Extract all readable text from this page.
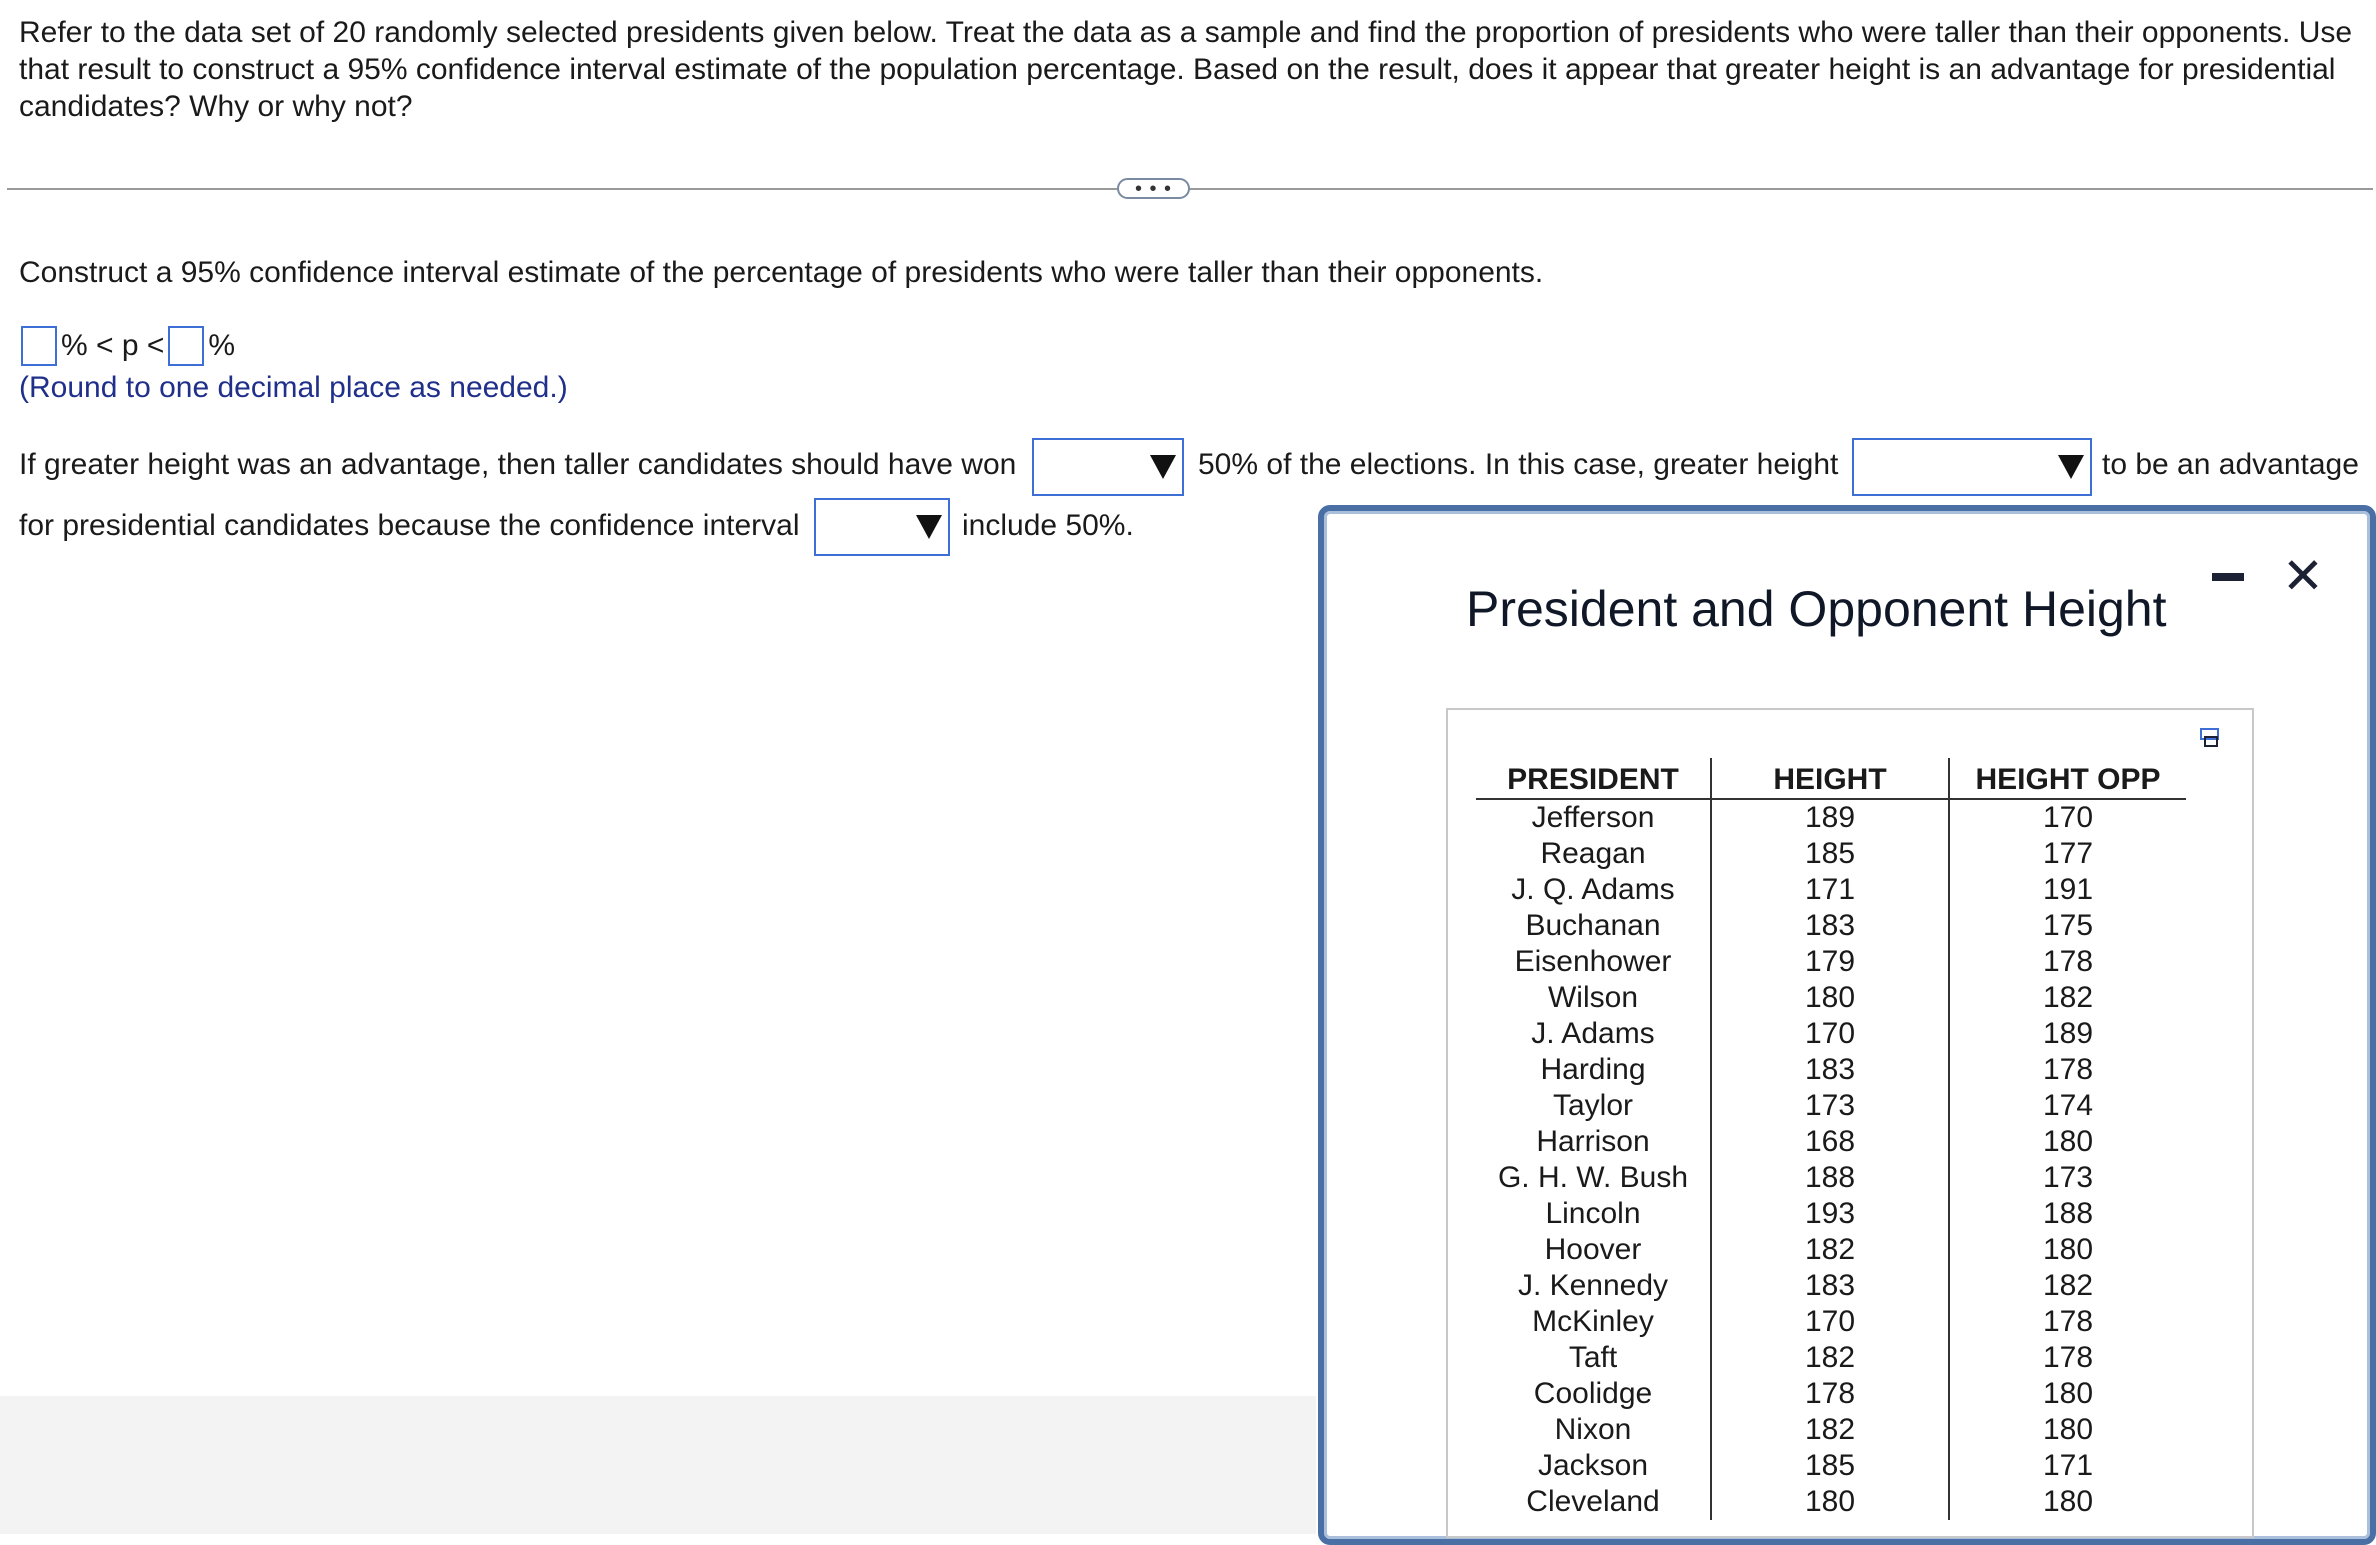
Refer to the data set of 20 randomly selected presidents given below. Treat the data as a sample and find the proportion of presidents who were taller than their opponents. Use that result to construct a 95% confidence interval estimate of the population percentage. Based on the result, does it appear that greater height is an advantage for presidential candidates? Why or why not?
• • •
Construct a 95% confidence interval estimate of the percentage of presidents who were taller than their opponents.
% < p < %
(Round to one decimal place as needed.)
If greater height was an advantage, then taller candidates should have won	50% of the elections. In this case, greater height	to be an advantage
for presidential candidates because the confidence interval	include 50%.
President and Opponent Height
✕
PRESIDENT	HEIGHT	HEIGHT OPP
Jefferson	189	170
Reagan	185	177
J. Q. Adams	171	191
Buchanan	183	175
Eisenhower	179	178
Wilson	180	182
J. Adams	170	189
Harding	183	178
Taylor	173	174
Harrison	168	180
G. H. W. Bush	188	173
Lincoln	193	188
Hoover	182	180
J. Kennedy	183	182
McKinley	170	178
Taft	182	178
Coolidge	178	180
Nixon	182	180
Jackson	185	171
Cleveland	180	180
